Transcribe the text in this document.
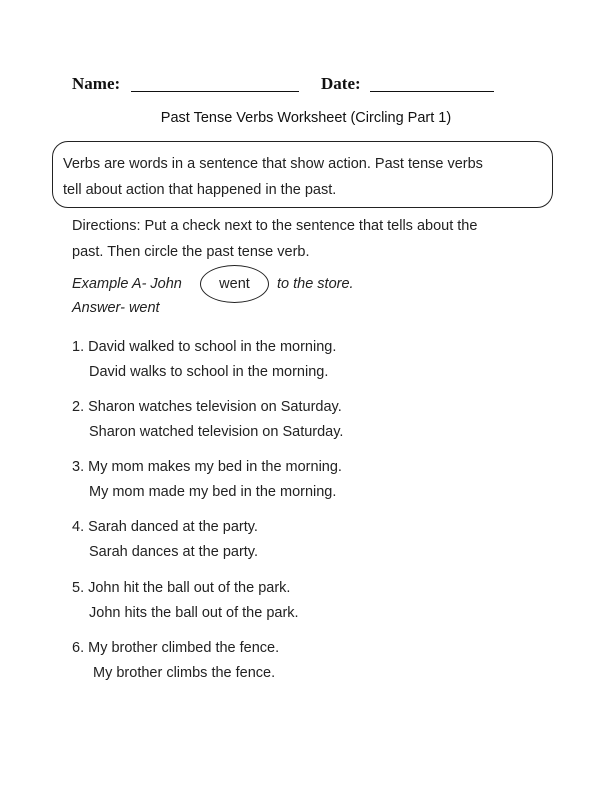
Name:	Date:
Past Tense Verbs Worksheet (Circling Part 1)
Verbs are words in a sentence that show action. Past tense verbs
tell about action that happened in the past.
Directions: Put a check next to the sentence that tells about the
past. Then circle the past tense verb.
Example A- John	went	to the store.
Answer- went
1. David walked to school in the morning.
David walks to school in the morning.
2. Sharon watches television on Saturday.
Sharon watched television on Saturday.
3. My mom makes my bed in the morning.
My mom made my bed in the morning.
4. Sarah danced at the party.
Sarah dances at the party.
5. John hit the ball out of the park.
John hits the ball out of the park.
6. My brother climbed the fence.
My brother climbs the fence.
